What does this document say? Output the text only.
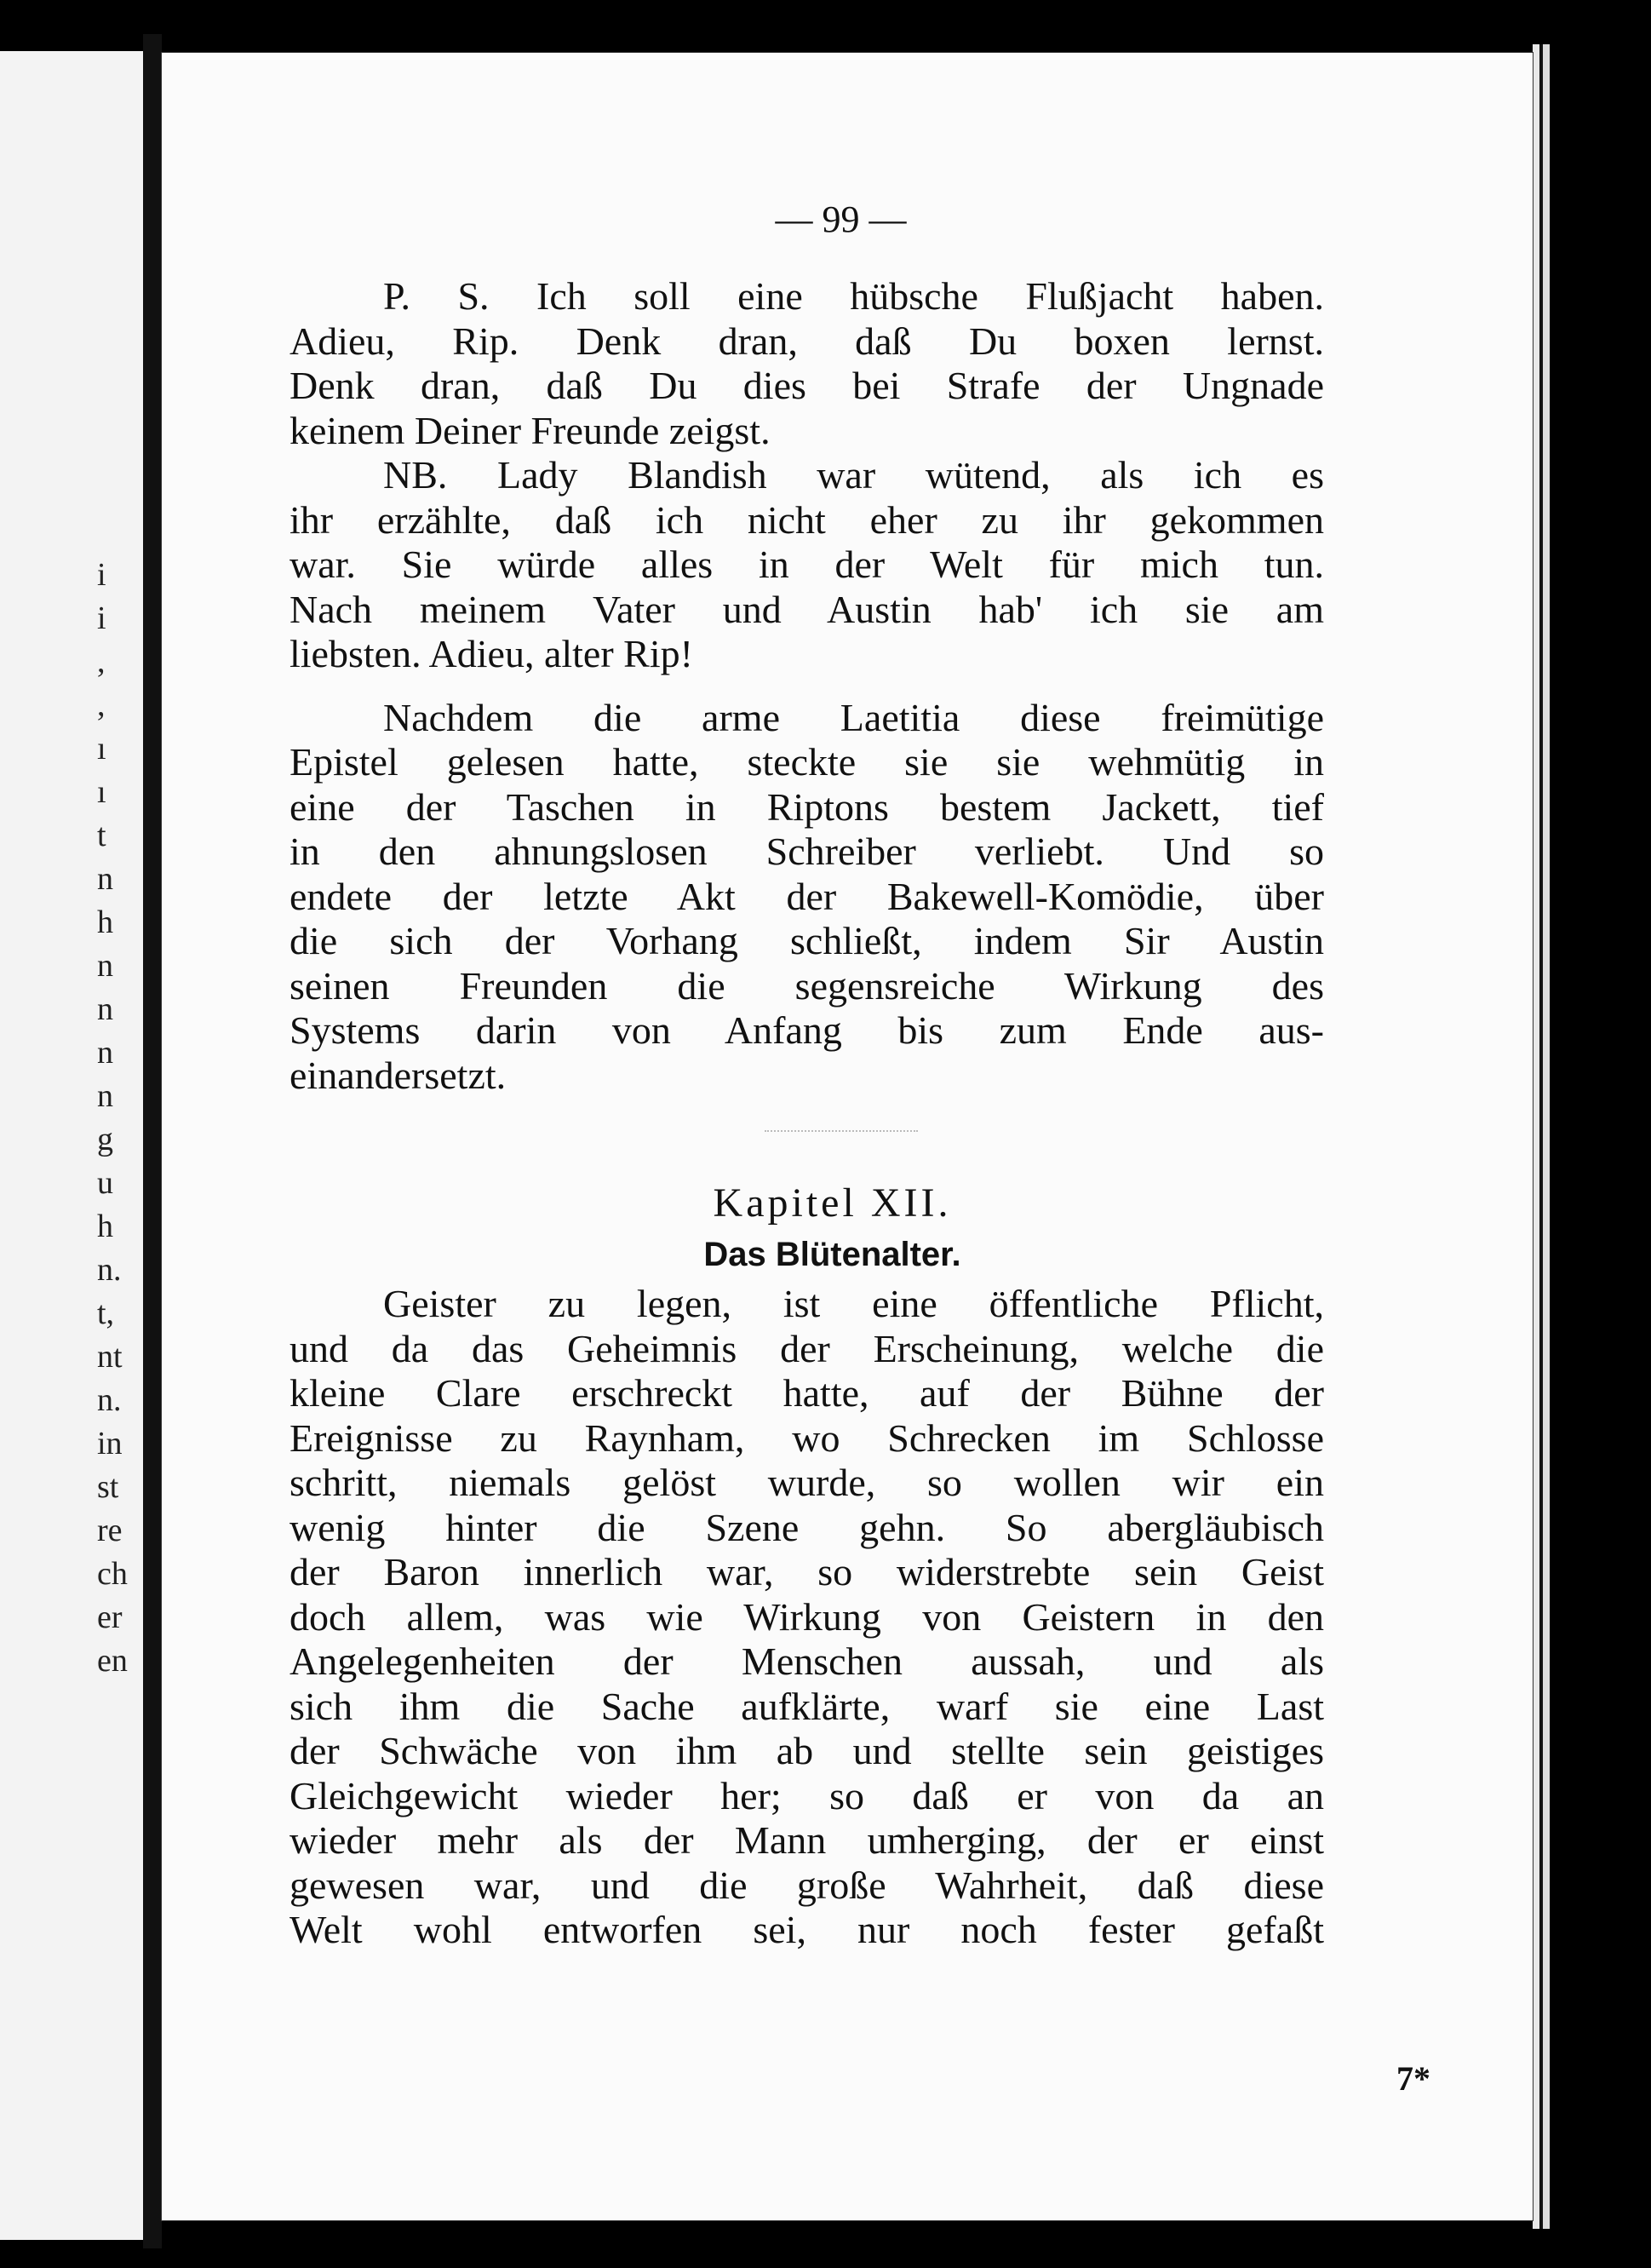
i
i
,
,
ı
ı
t
n
h
n
n
n
n
g
u
h
n.
t,
nt
n.
in
st
re
ch
er
en
— 99 —
P. S. Ich soll eine hübsche Flußjacht haben.
Adieu, Rip. Denk dran, daß Du boxen lernst.
Denk dran, daß Du dies bei Strafe der Ungnade
keinem Deiner Freunde zeigst.
NB. Lady Blandish war wütend, als ich es
ihr erzählte, daß ich nicht eher zu ihr gekommen
war. Sie würde alles in der Welt für mich tun.
Nach meinem Vater und Austin hab' ich sie am
liebsten. Adieu, alter Rip!
Nachdem die arme Laetitia diese freimütige
Epistel gelesen hatte, steckte sie sie wehmütig in
eine der Taschen in Riptons bestem Jackett, tief
in den ahnungslosen Schreiber verliebt. Und so
endete der letzte Akt der Bakewell-Komödie, über
die sich der Vorhang schließt, indem Sir Austin
seinen Freunden die segensreiche Wirkung des
Systems darin von Anfang bis zum Ende aus-
einandersetzt.
Kapitel XII.
Das Blütenalter.
Geister zu legen, ist eine öffentliche Pflicht,
und da das Geheimnis der Erscheinung, welche die
kleine Clare erschreckt hatte, auf der Bühne der
Ereignisse zu Raynham, wo Schrecken im Schlosse
schritt, niemals gelöst wurde, so wollen wir ein
wenig hinter die Szene gehn. So abergläubisch
der Baron innerlich war, so widerstrebte sein Geist
doch allem, was wie Wirkung von Geistern in den
Angelegenheiten der Menschen aussah, und als
sich ihm die Sache aufklärte, warf sie eine Last
der Schwäche von ihm ab und stellte sein geistiges
Gleichgewicht wieder her; so daß er von da an
wieder mehr als der Mann umherging, der er einst
gewesen war, und die große Wahrheit, daß diese
Welt wohl entworfen sei, nur noch fester gefaßt
7*
